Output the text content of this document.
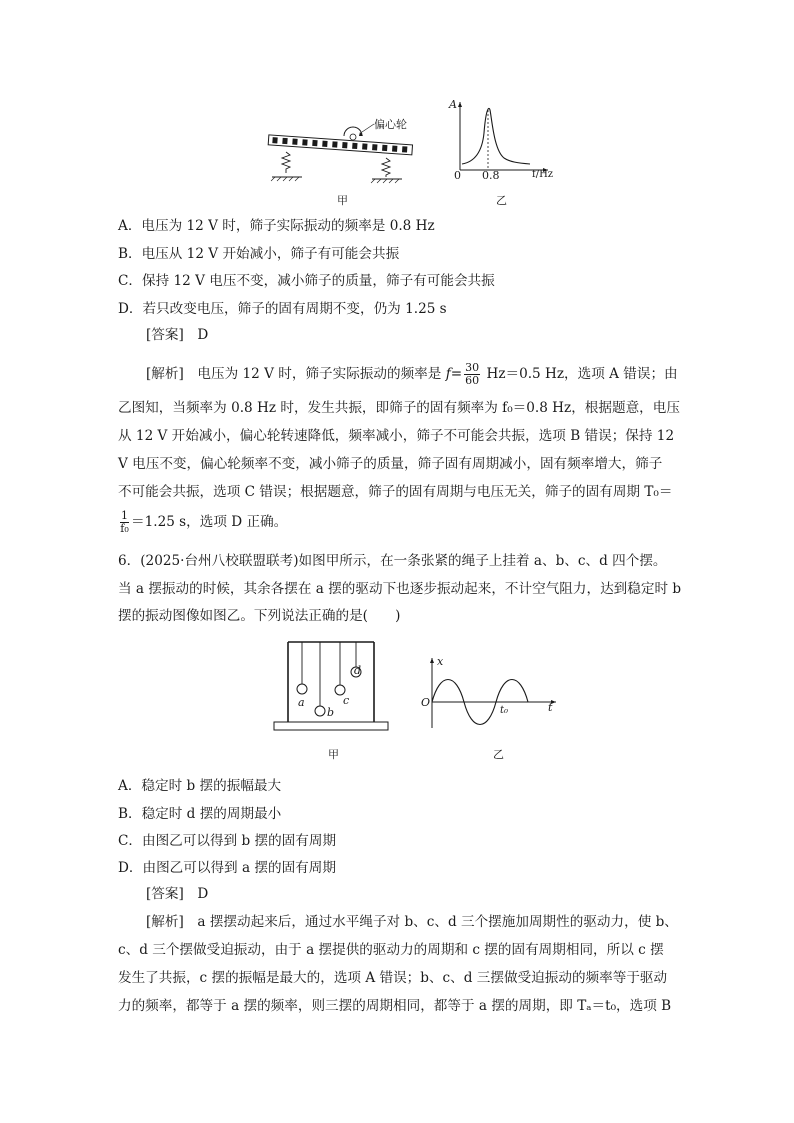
偏心轮
甲
A
0 0.8	f/Hz
乙
A．电压为 12 V 时，筛子实际振动的频率是 0.8 Hz
B．电压从 12 V 开始减小，筛子有可能会共振
C．保持 12 V 电压不变，减小筛子的质量，筛子有可能会共振
D．若只改变电压，筛子的固有周期不变，仍为 1.25 s
[答案]　 D
[解析]　 电压为 12 V 时，筛子实际振动的频率是 $f= \frac{30}{60} Hz=0.5$ Hz，选项 A 错误；由
乙图知，当频率为 0.8 Hz 时，发生共振，即筛子的固有频率为 f₀＝0.8 Hz，根据题意，电压
从 12 V 开始减小，偏心轮转速降低，频率减小，筛子不可能会共振，选项 B 错误；保持 12
V 电压不变，偏心轮频率不变，减小筛子的质量，筛子固有周期减小，固有频率增大，筛子
不可能会共振，选项 C 错误；根据题意，筛子的固有周期与电压无关，筛子的固有周期 T₀＝
$\frac{1}{\text{f₀}} =1.25$ s，选项 D 正确。
6．(2025·台州八校联盟联考)如图甲所示，在一条张紧的绳子上挂着 a、b、c、d 四个摆。
当 a 摆振动的时候，其余各摆在 a 摆的驱动下也逐步振动起来，不计空气阻力，达到稳定时 b
摆的振动图像如图乙。下列说法正确的是(　　)
a
b
c
d
甲
x
O
t₀	t
乙
A．稳定时 b 摆的振幅最大
B．稳定时 d 摆的周期最小
C．由图乙可以得到 b 摆的固有周期
D．由图乙可以得到 a 摆的固有周期
[答案]　 D
[解析]　 a 摆摆动起来后，通过水平绳子对 b、c、d 三个摆施加周期性的驱动力，使 b、
c、d 三个摆做受迫振动，由于 a 摆提供的驱动力的周期和 c 摆的固有周期相同，所以 c 摆
发生了共振，c 摆的振幅是最大的，选项 A 错误；b、c、d 三摆做受迫振动的频率等于驱动
力的频率，都等于 a 摆的频率，则三摆的周期相同，都等于 a 摆的周期，即 Tₐ＝t₀，选项 B
